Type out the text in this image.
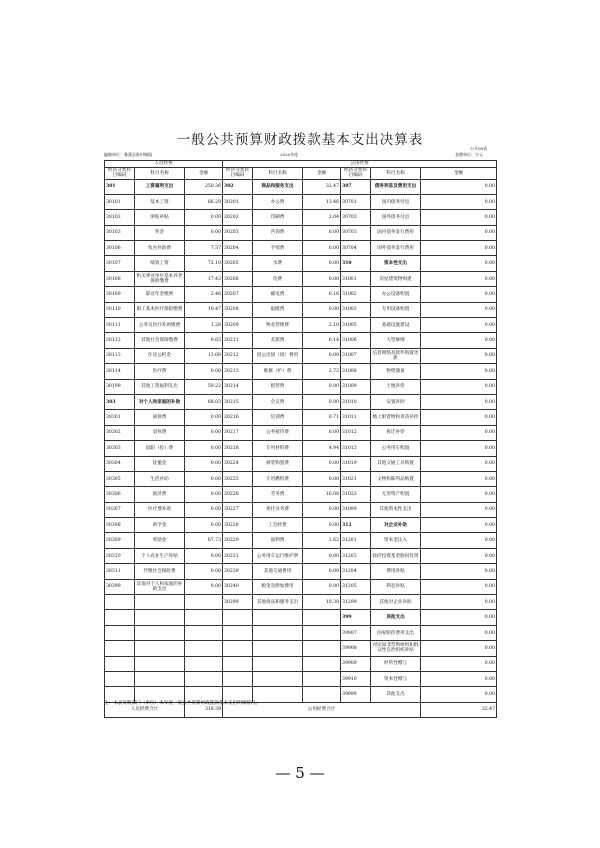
一般公共预算财政拨款基本支出决算表
公开08表
编制单位：雅溪县陈村城镇	2020年度	金额单位：万元
人员经费			公用经费					
经济分类科目编码	科目名称	金额	经济分类科目编码	科目名称	金额	经济分类科目编码	科目名称	金额
301	工资福利支出	250.36	302	商品和服务支出	32.47	307	债务利息及费用支出	0.00
30101	基本工资	66.29	30201	办公费	13.46	30701	国内债务付息	0.00
30102	津贴补贴	0.00	30202	印刷费	2.04	30702	国外债务付息	0.00
30103	奖金	0.00	30203	咨询费	0.00	30703	国内债务发行费用	0.00
30106	伙食补助费	7.37	30204	手续费	0.00	30704	国外债务发行费用	0.00
30107	绩效工资	72.10	30205	水费	0.00	310	资本性支出	0.00
30108	机关事业单位基本养老保险缴费	17.43	30206	电费	0.00	31001	房屋建筑物购建	0.00
30109	职业年金缴费	2.46	30207	邮电费	0.16	31002	办公设备购置	0.00
30110	职工基本医疗保险缴费	10.47	30208	取暖费	0.00	31003	专用设备购置	0.00
30111	公务员医疗补助缴费	1.28	30209	物业管理费	2.10	31005	基础设施建设	0.00
30112	其他社会保障缴费	0.65	30211	差旅费	0.14	31006	大型修缮	0.00
30113	住房公积金	13.08	30212	因公出国（境）费用	0.00	31007	信息网络及软件购置更新	0.00
30114	医疗费	0.00	30213	维修（护）费	2.72	31008	物资储备	0.00
30199	其他工资福利支出	59.22	30214	租赁费	0.00	31009	土地补偿	0.00
303	对个人和家庭的补助	68.03	30215	会议费	0.00	31010	安置补助	0.00
30301	离休费	0.00	30216	培训费	0.71	31011	地上附着物和青苗补偿	0.00
30302	退休费	0.00	30217	公务接待费	0.00	31012	拆迁补偿	0.00
30303	退职（役）费	0.00	30218	专用材料费	4.94	31013	公务用车购置	0.00
30304	抚恤金	0.00	30224	被装购置费	0.00	31019	其他交通工具购置	0.00
30305	生活补助	0.00	30225	专用燃料费	0.00	31021	文物和陈列品购置	0.00
30306	救济费	0.00	30226	劳务费	16.08	31022	无形资产购置	0.00
30307	医疗费补助	0.00	30227	委托业务费	0.00	31099	其他资本性支出	0.00
30308	助学金	0.00	30228	工会经费	0.00	312	对企业补助	0.00
30309	奖励金	67.73	30229	福利费	1.62	31201	资本金注入	0.00
30310	个人农业生产补贴	0.00	30231	公务用车运行维护费	0.00	31203	政府投资基金股权投资	0.00
30311	代缴社会保险费	0.00	30239	其他交通费用	0.00	31204	费用补贴	0.00
30399	其他对个人和家庭的补助支出	0.00	30240	税金及附加费用	0.00	31205	利息补贴	0.00
			30299	其他商品和服务支出	10.38	31299	其他对企业补助	0.00
						399	其他支出	0.00
						39907	国家赔偿费用支出	0.00
						39908	对民间非营利组织和群众性自治组织补贴	0.00
						39909	经常性赠与	0.00
						39910	资本性赠与	0.00
						39999	其他支出	0.00
人员经费合计		318.39	公用经费合计					32.47
注：本表反映部门（单位）本年度一般公共预算财政拨款基本支出明细情况。
— 5 —
